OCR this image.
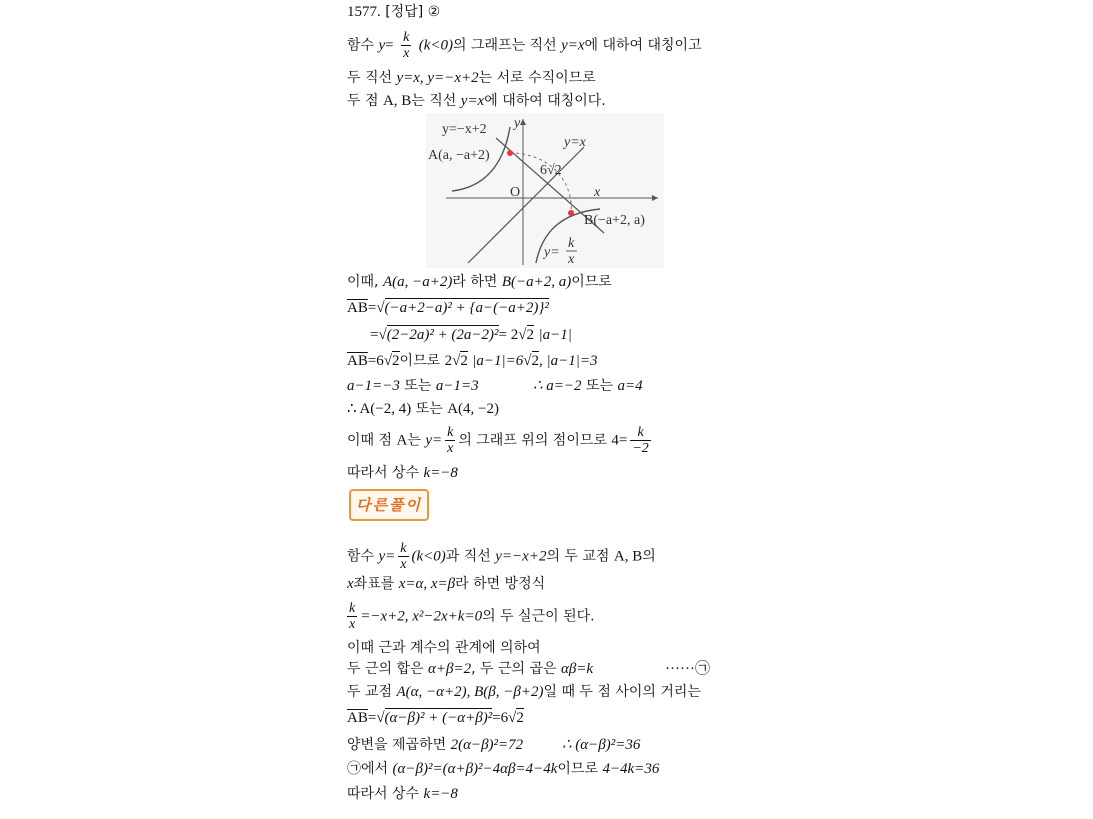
1577. [정답] ②
함수 $y= \frac{k}{x} (k<0)$의 그래프는 직선 y=x에 대하여 대칭이고
두 직선 y=x, y=−x+2는 서로 수직이므로
두 점 A, B는 직선 y=x에 대하여 대칭이다.
y=−x+2 y
y=x
A(a, −a+2)
6√2
O	x
B(−a+2, a)
y=
k
x
이때, A(a, −a+2)라 하면 B(−a+2, a)이므로
$\overline{AB}=√(-a+2-a)^2 + \{a-(-a+2)\}^2$
=√(2−2a)² + (2a−2)²= 2√2 |a−1|
$\overline{AB}=6√2$이므로 2√2 |a−1|=6√2, |a−1|=3
a−1=−3 또는 a−1=3	∴ a=−2 또는 a=4
∴ A(−2, 4) 또는 A(4, −2)
이때 점 A는 $y= \frac{k}{x}$ 의 그래프 위의 점이므로 $4= \frac{k}{-2}$
따라서 상수 k=−8
다른풀이
함수 $y= \frac{k}{x} (k<0)$과 직선 y=−x+2의 두 교점 A, B의
x좌표를 x=α, x=β라 하면 방정식
$\frac{k}{x} =-x+2$, x²−2x+k=0의 두 실근이 된다.
이때 근과 계수의 관계에 의하여
두 근의 합은 α+β=2, 두 근의 곱은 αβ=k	······㉠
두 교점 A(α, −α+2), B(β, −β+2)일 때 두 점 사이의 거리는
$\overline{AB}=√(\alpha-\beta)^2 + (-\alpha+\beta)^2=6√2$
양변을 제곱하면 2(α−β)²=72	∴ (α−β)²=36
㉠에서 (α−β)²=(α+β)²−4αβ=4−4k이므로 4−4k=36
따라서 상수 k=−8
